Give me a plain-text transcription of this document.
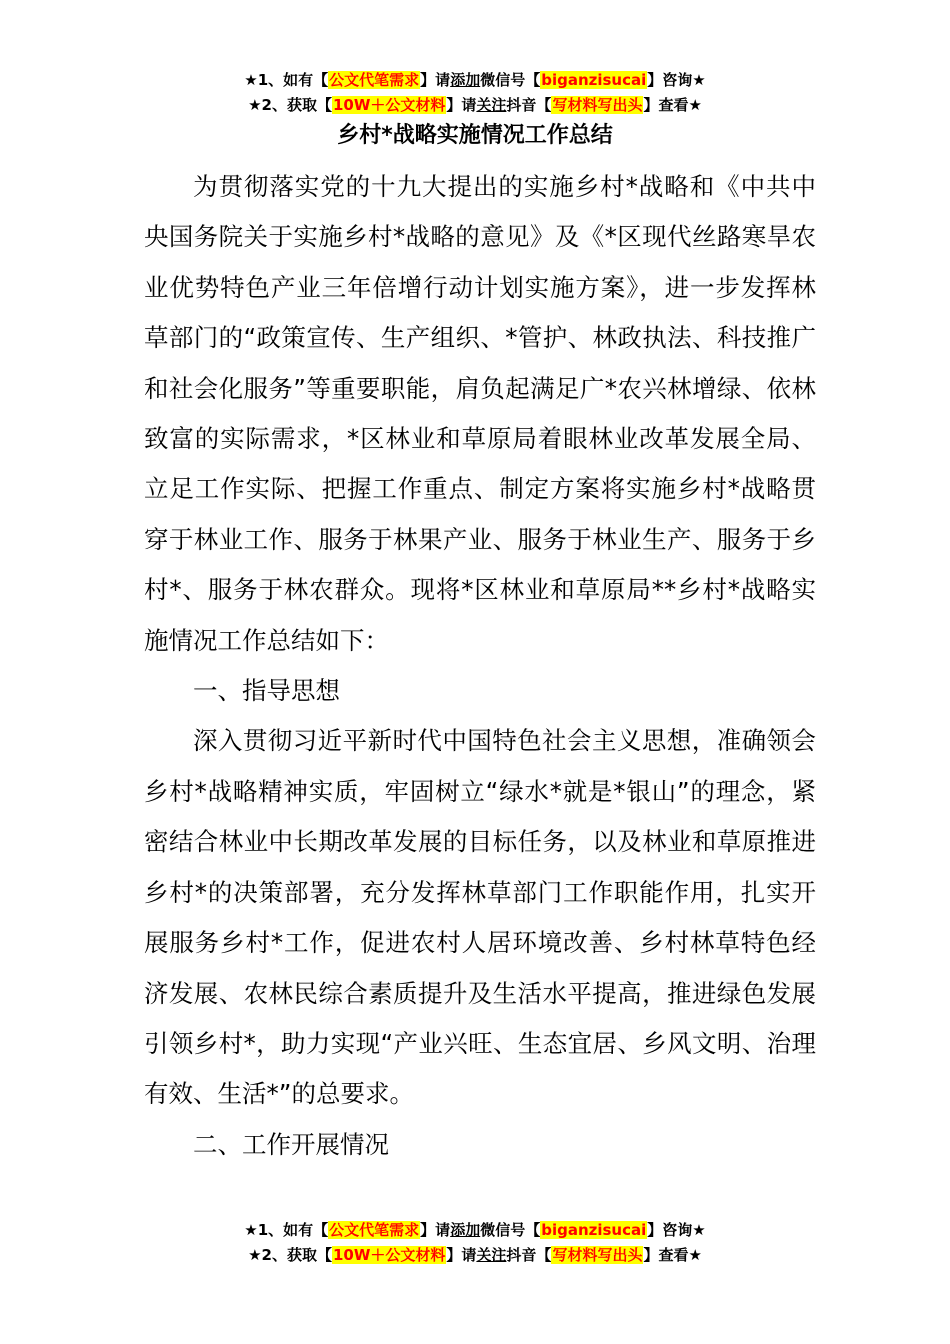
★1、如有【公文代笔需求】请添加微信号【biganzisucai】咨询★
★2、获取【10W＋公文材料】请关注抖音【写材料写出头】查看★
乡村*战略实施情况工作总结

为贯彻落实党的十九大提出的实施乡村*战略和《中共中央国务院关于实施乡村*战略的意见》及《*区现代丝路寒旱农业优势特色产业三年倍增行动计划实施方案》，进一步发挥林草部门的“政策宣传、生产组织、*管护、林政执法、科技推广和社会化服务”等重要职能，肩负起满足广*农兴林增绿、依林致富的实际需求，*区林业和草原局着眼林业改革发展全局、立足工作实际、把握工作重点、制定方案将实施乡村*战略贯穿于林业工作、服务于林果产业、服务于林业生产、服务于乡村*、服务于林农群众。现将*区林业和草原局**乡村*战略实施情况工作总结如下：

一、指导思想

深入贯彻习近平新时代中国特色社会主义思想，准确领会乡村*战略精神实质，牢固树立“绿水*就是*银山”的理念，紧密结合林业中长期改革发展的目标任务，以及林业和草原推进乡村*的决策部署，充分发挥林草部门工作职能作用，扎实开展服务乡村*工作，促进农村人居环境改善、乡村林草特色经济发展、农林民综合素质提升及生活水平提高，推进绿色发展引领乡村*，助力实现“产业兴旺、生态宜居、乡风文明、治理有效、生活*”的总要求。

二、工作开展情况

★1、如有【公文代笔需求】请添加微信号【biganzisucai】咨询★
★2、获取【10W＋公文材料】请关注抖音【写材料写出头】查看★
